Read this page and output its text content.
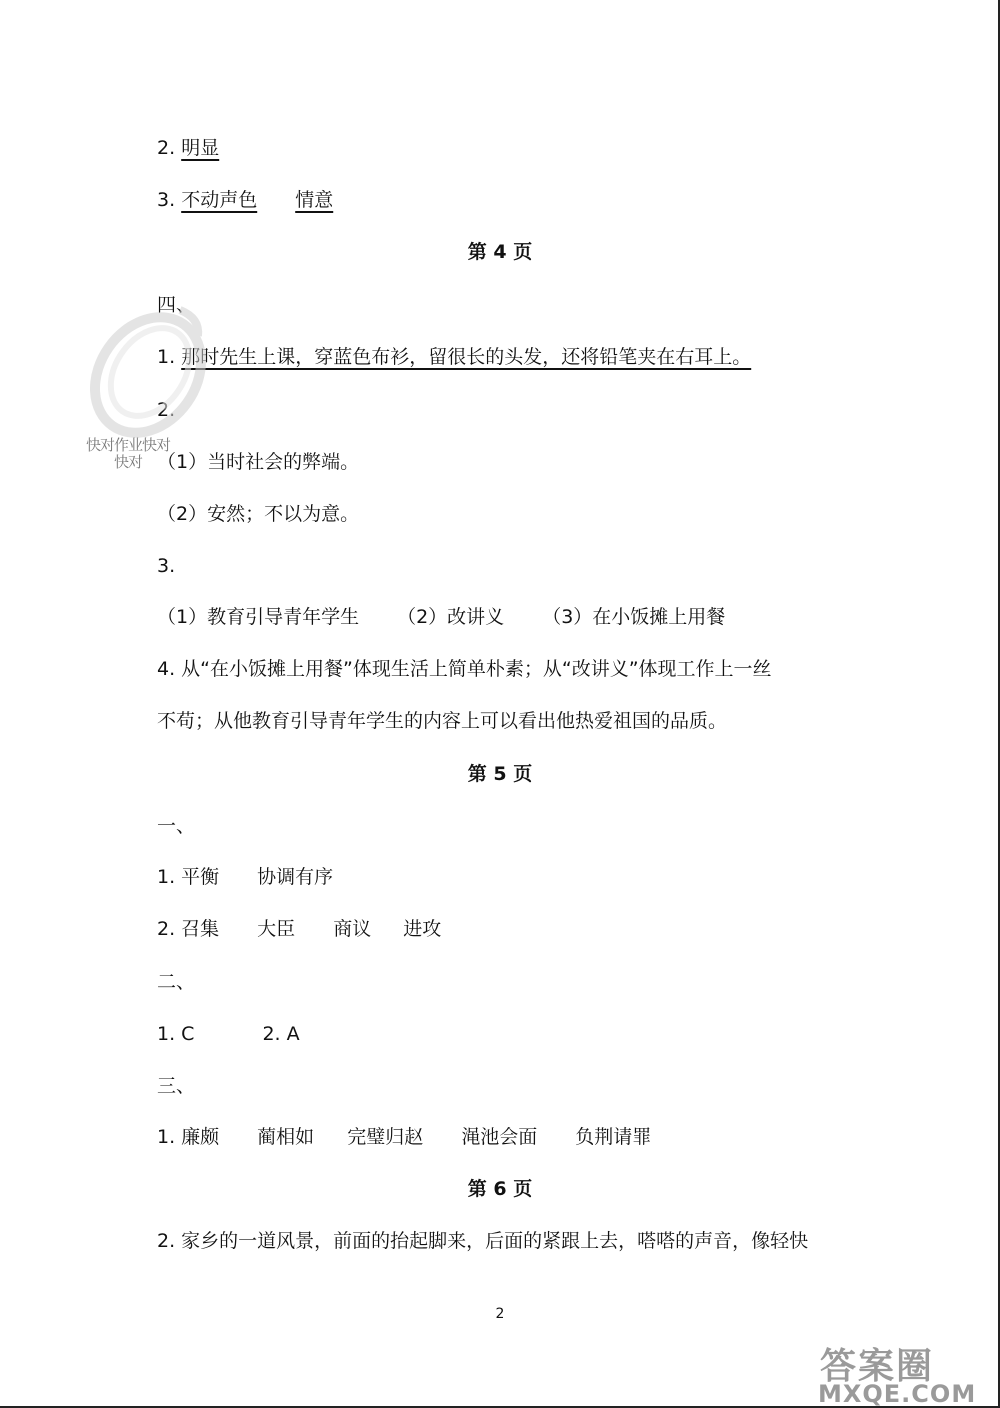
2. 明显
3. 不动声色 情意
第 4 页
四、
1. 那时先生上课，穿蓝色布衫，留很长的头发，还将铅笔夹在右耳上。
2.
（1）当时社会的弊端。
（2）安然；不以为意。
3.
（1）教育引导青年学生 （2）改讲义 （3）在小饭摊上用餐
4. 从“在小饭摊上用餐”体现生活上简单朴素；从“改讲义”体现工作上一丝
不苟；从他教育引导青年学生的内容上可以看出他热爱祖国的品质。
第 5 页
一、
1. 平衡 协调有序
2. 召集 大臣 商议 进攻
二、
1. C	2. A
三、
1. 廉颇 蔺相如 完璧归赵 渑池会面 负荆请罪
第 6 页
2. 家乡的一道风景，前面的抬起脚来，后面的紧跟上去，嗒嗒的声音，像轻快
2
快对作业快对
快对
答案圈
MXQE.COM
